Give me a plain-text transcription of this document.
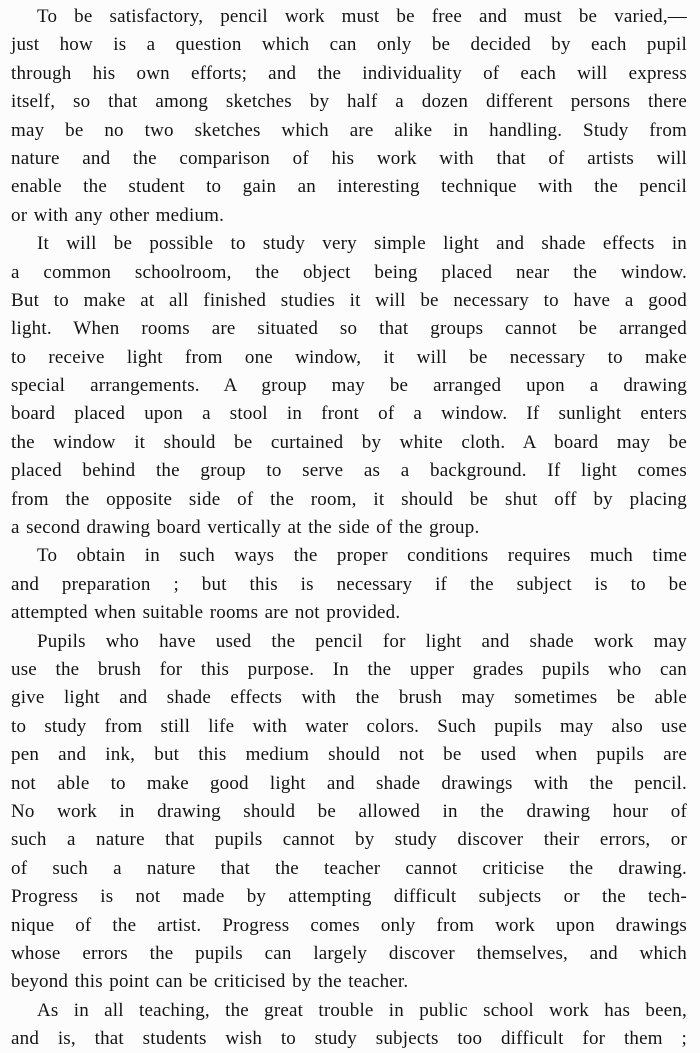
To be satisfactory, pencil work must be free and must be varied,—
just how is a question which can only be decided by each pupil
through his own efforts; and the individuality of each will express
itself, so that among sketches by half a dozen different persons there
may be no two sketches which are alike in handling. Study from
nature and the comparison of his work with that of artists will
enable the student to gain an interesting technique with the pencil
or with any other medium.
It will be possible to study very simple light and shade effects in
a common schoolroom, the object being placed near the window.
But to make at all finished studies it will be necessary to have a good
light. When rooms are situated so that groups cannot be arranged
to receive light from one window, it will be necessary to make
special arrangements. A group may be arranged upon a drawing
board placed upon a stool in front of a window. If sunlight enters
the window it should be curtained by white cloth. A board may be
placed behind the group to serve as a background. If light comes
from the opposite side of the room, it should be shut off by placing
a second drawing board vertically at the side of the group.
To obtain in such ways the proper conditions requires much time
and preparation ; but this is necessary if the subject is to be
attempted when suitable rooms are not provided.
Pupils who have used the pencil for light and shade work may
use the brush for this purpose. In the upper grades pupils who can
give light and shade effects with the brush may sometimes be able
to study from still life with water colors. Such pupils may also use
pen and ink, but this medium should not be used when pupils are
not able to make good light and shade drawings with the pencil.
No work in drawing should be allowed in the drawing hour of
such a nature that pupils cannot by study discover their errors, or
of such a nature that the teacher cannot criticise the drawing.
Progress is not made by attempting difficult subjects or the tech-
nique of the artist. Progress comes only from work upon drawings
whose errors the pupils can largely discover themselves, and which
beyond this point can be criticised by the teacher.
As in all teaching, the great trouble in public school work has been,
and is, that students wish to study subjects too difficult for them ;
